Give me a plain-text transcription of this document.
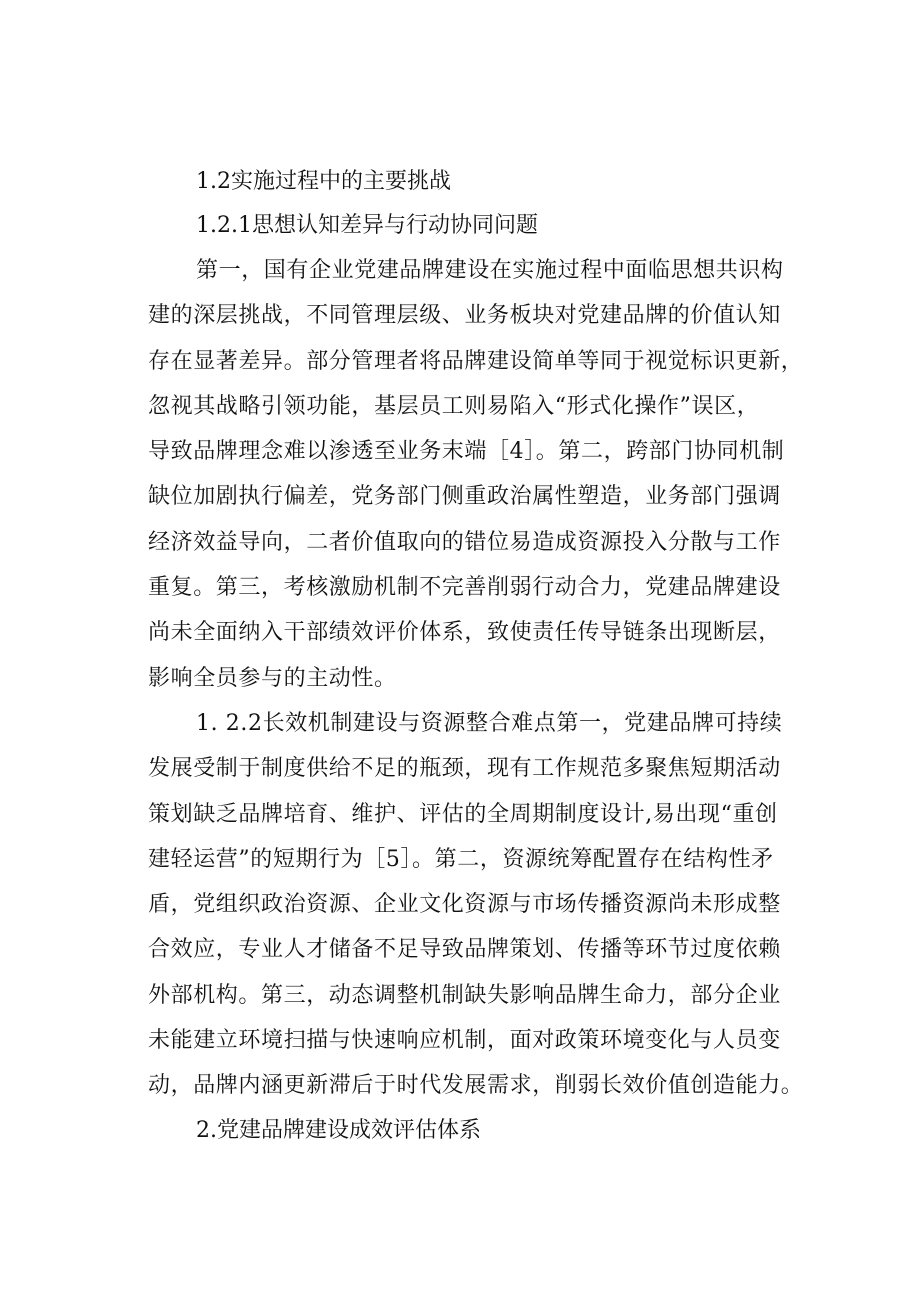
1.2实施过程中的主要挑战

1.2.1思想认知差异与行动协同问题

第一，国有企业党建品牌建设在实施过程中面临思想共识构
建的深层挑战，不同管理层级、业务板块对党建品牌的价值认知
存在显著差异。部分管理者将品牌建设简单等同于视觉标识更新，
忽视其战略引领功能，基层员工则易陷入“形式化操作”误区，
导致品牌理念难以渗透至业务末端［4］。第二，跨部门协同机制
缺位加剧执行偏差，党务部门侧重政治属性塑造，业务部门强调
经济效益导向，二者价值取向的错位易造成资源投入分散与工作
重复。第三，考核激励机制不完善削弱行动合力，党建品牌建设
尚未全面纳入干部绩效评价体系，致使责任传导链条出现断层，
影响全员参与的主动性。
1. 2.2长效机制建设与资源整合难点第一，党建品牌可持续
发展受制于制度供给不足的瓶颈，现有工作规范多聚焦短期活动
策划缺乏品牌培育、维护、评估的全周期制度设计,易出现“重创
建轻运营”的短期行为［5］。第二，资源统筹配置存在结构性矛
盾，党组织政治资源、企业文化资源与市场传播资源尚未形成整
合效应，专业人才储备不足导致品牌策划、传播等环节过度依赖
外部机构。第三，动态调整机制缺失影响品牌生命力，部分企业
未能建立环境扫描与快速响应机制，面对政策环境变化与人员变
动，品牌内涵更新滞后于时代发展需求，削弱长效价值创造能力。

2.党建品牌建设成效评估体系
